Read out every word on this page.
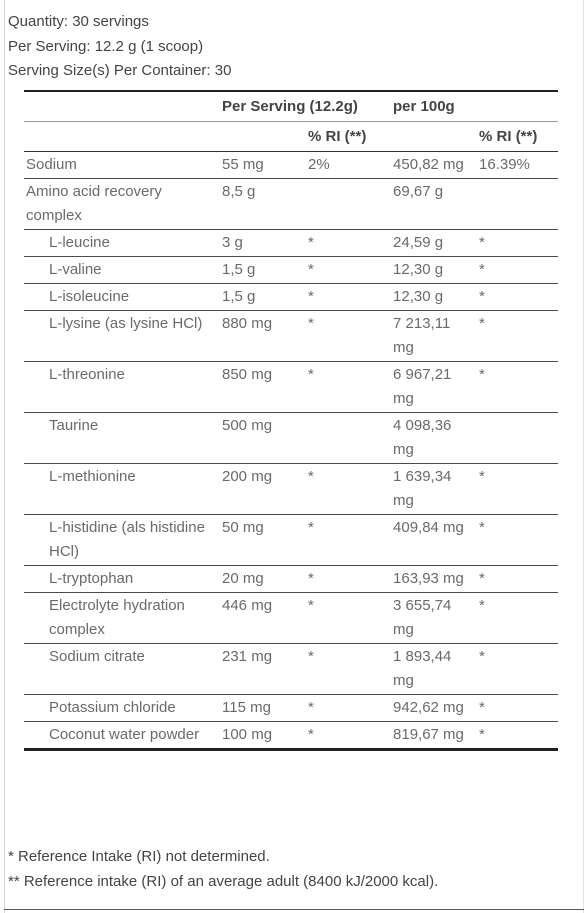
Quantity: 30 servings
Per Serving: 12.2 g (1 scoop)
Serving Size(s) Per Container: 30
	Per Serving (12.2g)		per 100g	
		% RI (**)		% RI (**)
Sodium	55 mg	2%	450,82 mg	16.39%
Amino acid recovery complex	8,5 g		69,67 g	
L-leucine	3 g	*	24,59 g	*
L-valine	1,5 g	*	12,30 g	*
L-isoleucine	1,5 g	*	12,30 g	*
L-lysine (as lysine HCl)	880 mg	*	7 213,11 mg	*
L-threonine	850 mg	*	6 967,21 mg	*
Taurine	500 mg		4 098,36 mg	
L-methionine	200 mg	*	1 639,34 mg	*
L-histidine (als histidine HCl)	50 mg	*	409,84 mg	*
L-tryptophan	20 mg	*	163,93 mg	*
Electrolyte hydration complex	446 mg	*	3 655,74 mg	*
Sodium citrate	231 mg	*	1 893,44 mg	*
Potassium chloride	115 mg	*	942,62 mg	*
Coconut water powder	100 mg	*	819,67 mg	*
* Reference Intake (RI) not determined.
** Reference intake (RI) of an average adult (8400 kJ/2000 kcal).
